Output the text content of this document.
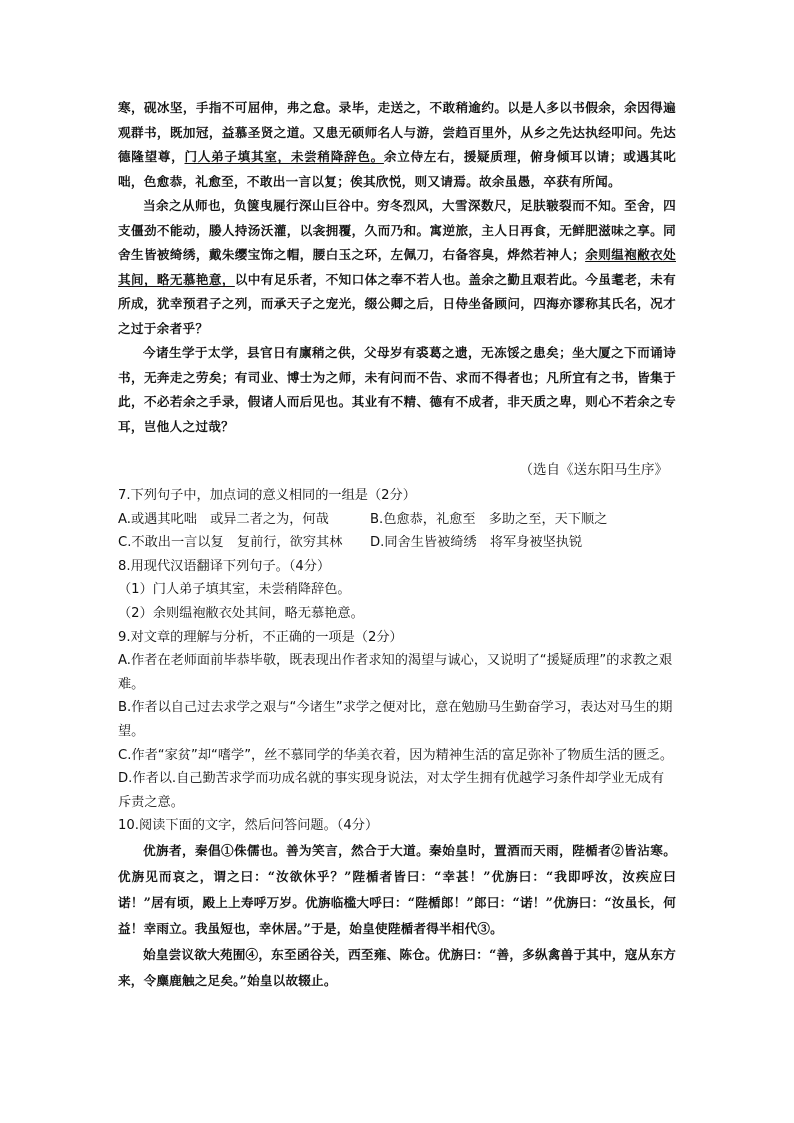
寒，砚冰坚，手指不可屈伸，弗之怠。录毕，走送之，不敢稍逾约。以是人多以书假余，余因得遍观群书，既加冠，益慕圣贤之道。又患无硕师名人与游，尝趋百里外，从乡之先达执经叩问。先达德隆望尊，门人弟子填其室，未尝稍降辞色。余立侍左右，援疑质理，俯身倾耳以请；或遇其叱咄，色愈恭，礼愈至，不敢出一言以复；俟其欣悦，则又请焉。故余虽愚，卒获有所闻。

当余之从师也，负箧曳屣行深山巨谷中。穷冬烈风，大雪深数尺，足肤皲裂而不知。至舍，四支僵劲不能动，媵人持汤沃灌，以衾拥覆，久而乃和。寓逆旅，主人日再食，无鲜肥滋味之享。同舍生皆被绮绣，戴朱缨宝饰之帽，腰白玉之环，左佩刀，右备容臭，烨然若神人；余则缊袍敝衣处其间，略无慕艳意，以中有足乐者，不知口体之奉不若人也。盖余之勤且艰若此。今虽耄老，未有所成，犹幸预君子之列，而承天子之宠光，缀公卿之后，日侍坐备顾问，四海亦谬称其氏名，况才之过于余者乎？

今诸生学于太学，县官日有廪稍之供，父母岁有裘葛之遗，无冻馁之患矣；坐大厦之下而诵诗书，无奔走之劳矣；有司业、博士为之师，未有问而不告、求而不得者也；凡所宜有之书，皆集于此，不必若余之手录，假诸人而后见也。其业有不精、德有不成者，非天质之卑，则心不若余之专耳，岂他人之过哉？

（选自《送东阳马生序》

7.下列句子中，加点词的意义相同的一组是（2分）

A.或遇其叱咄　或异二者之为，何哉	B.色愈恭，礼愈至　多助之至，天下顺之
C.不敢出一言以复　复前行，欲穷其林	D.同舍生皆被绮绣　将军身被坚执锐

8.用现代汉语翻译下列句子。（4分）

（1）门人弟子填其室，未尝稍降辞色。

（2）余则缊袍敝衣处其间，略无慕艳意。

9.对文章的理解与分析，不正确的一项是（2分）

A.作者在老师面前毕恭毕敬，既表现出作者求知的渴望与诚心，又说明了“援疑质理”的求教之艰难。

B.作者以自己过去求学之艰与“今诸生”求学之便对比，意在勉励马生勤奋学习，表达对马生的期望。

C.作者“家贫”却“嗜学”，丝不慕同学的华美衣着，因为精神生活的富足弥补了物质生活的匮乏。

D.作者以.自己勤苦求学而功成名就的事实现身说法，对太学生拥有优越学习条件却学业无成有斥责之意。

10.阅读下面的文字，然后问答问题。（4分）

优旃者，秦倡①侏儒也。善为笑言，然合于大道。秦始皇时，置酒而天雨，陛楯者②皆沾寒。优旃见而哀之，谓之曰：“汝欲休乎？”陛楯者皆曰：“幸甚！”优旃曰：“我即呼汝，汝疾应曰诺！”居有顷，殿上上寿呼万岁。优旃临槛大呼曰：“陛楯郎！”郎曰：“诺！”优旃曰：“汝虽长，何益！幸雨立。我虽短也，幸休居。”于是，始皇使陛楯者得半相代③。

始皇尝议欲大苑囿④，东至函谷关，西至雍、陈仓。优旃曰：“善，多纵禽兽于其中，寇从东方来，令麋鹿触之足矣。”始皇以故辍止。
